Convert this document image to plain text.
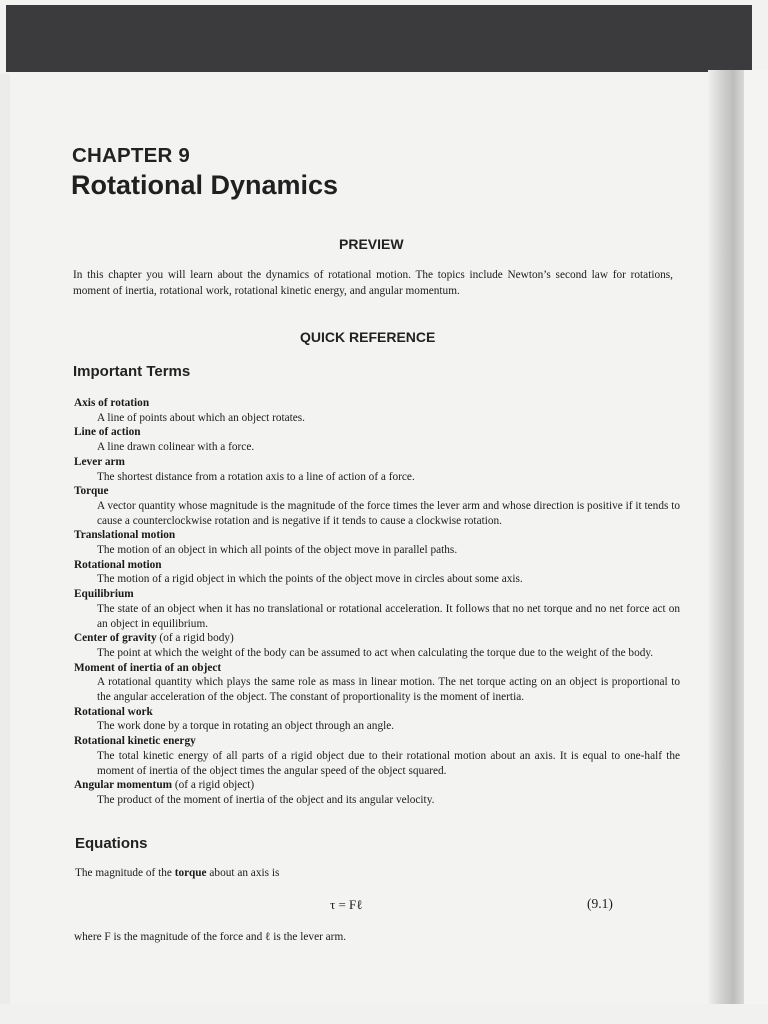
CHAPTER 9
Rotational Dynamics
PREVIEW
In this chapter you will learn about the dynamics of rotational motion. The topics include Newton’s second law for rotations, moment of inertia, rotational work, rotational kinetic energy, and angular momentum.
QUICK REFERENCE
Important Terms
Axis of rotation
A line of points about which an object rotates.
Line of action
A line drawn colinear with a force.
Lever arm
The shortest distance from a rotation axis to a line of action of a force.
Torque
A vector quantity whose magnitude is the magnitude of the force times the lever arm and whose direction is positive if it tends to cause a counterclockwise rotation and is negative if it tends to cause a clockwise rotation.
Translational motion
The motion of an object in which all points of the object move in parallel paths.
Rotational motion
The motion of a rigid object in which the points of the object move in circles about some axis.
Equilibrium
The state of an object when it has no translational or rotational acceleration. It follows that no net torque and no net force act on an object in equilibrium.
Center of gravity (of a rigid body)
The point at which the weight of the body can be assumed to act when calculating the torque due to the weight of the body.
Moment of inertia of an object
A rotational quantity which plays the same role as mass in linear motion. The net torque acting on an object is proportional to the angular acceleration of the object. The constant of proportionality is the moment of inertia.
Rotational work
The work done by a torque in rotating an object through an angle.
Rotational kinetic energy
The total kinetic energy of all parts of a rigid object due to their rotational motion about an axis. It is equal to one-half the moment of inertia of the object times the angular speed of the object squared.
Angular momentum (of a rigid object)
The product of the moment of inertia of the object and its angular velocity.
Equations
The magnitude of the torque about an axis is
τ = Fℓ	(9.1)
where F is the magnitude of the force and ℓ is the lever arm.
